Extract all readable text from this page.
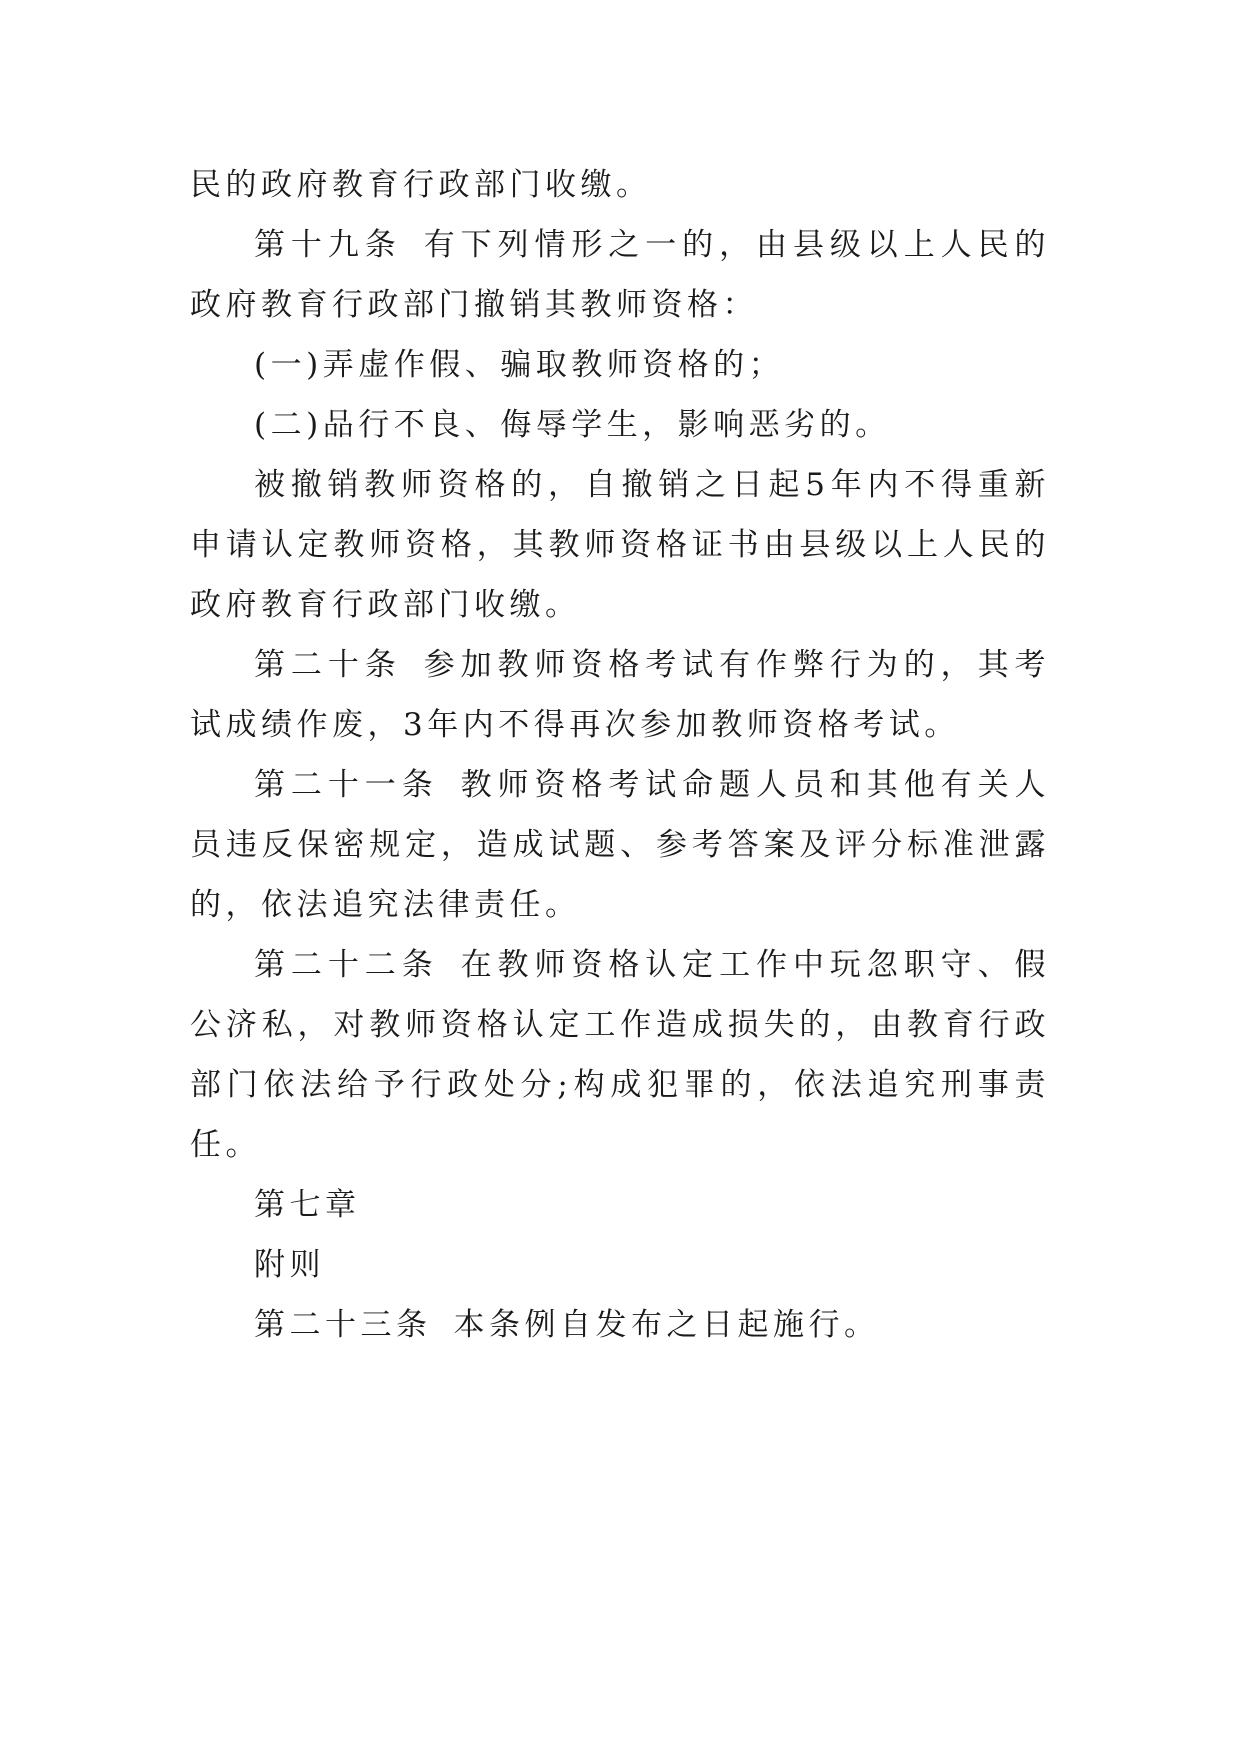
民的政府教育行政部门收缴。

第十九条 有下列情形之一的，由县级以上人民的政府教育行政部门撤销其教师资格：

(一)弄虚作假、骗取教师资格的；

(二)品行不良、侮辱学生，影响恶劣的。

被撤销教师资格的，自撤销之日起5年内不得重新申请认定教师资格，其教师资格证书由县级以上人民的政府教育行政部门收缴。

第二十条 参加教师资格考试有作弊行为的，其考试成绩作废，3年内不得再次参加教师资格考试。

第二十一条 教师资格考试命题人员和其他有关人员违反保密规定，造成试题、参考答案及评分标准泄露的，依法追究法律责任。

第二十二条 在教师资格认定工作中玩忽职守、假公济私，对教师资格认定工作造成损失的，由教育行政部门依法给予行政处分;构成犯罪的，依法追究刑事责任。

第七章

附则

第二十三条 本条例自发布之日起施行。
